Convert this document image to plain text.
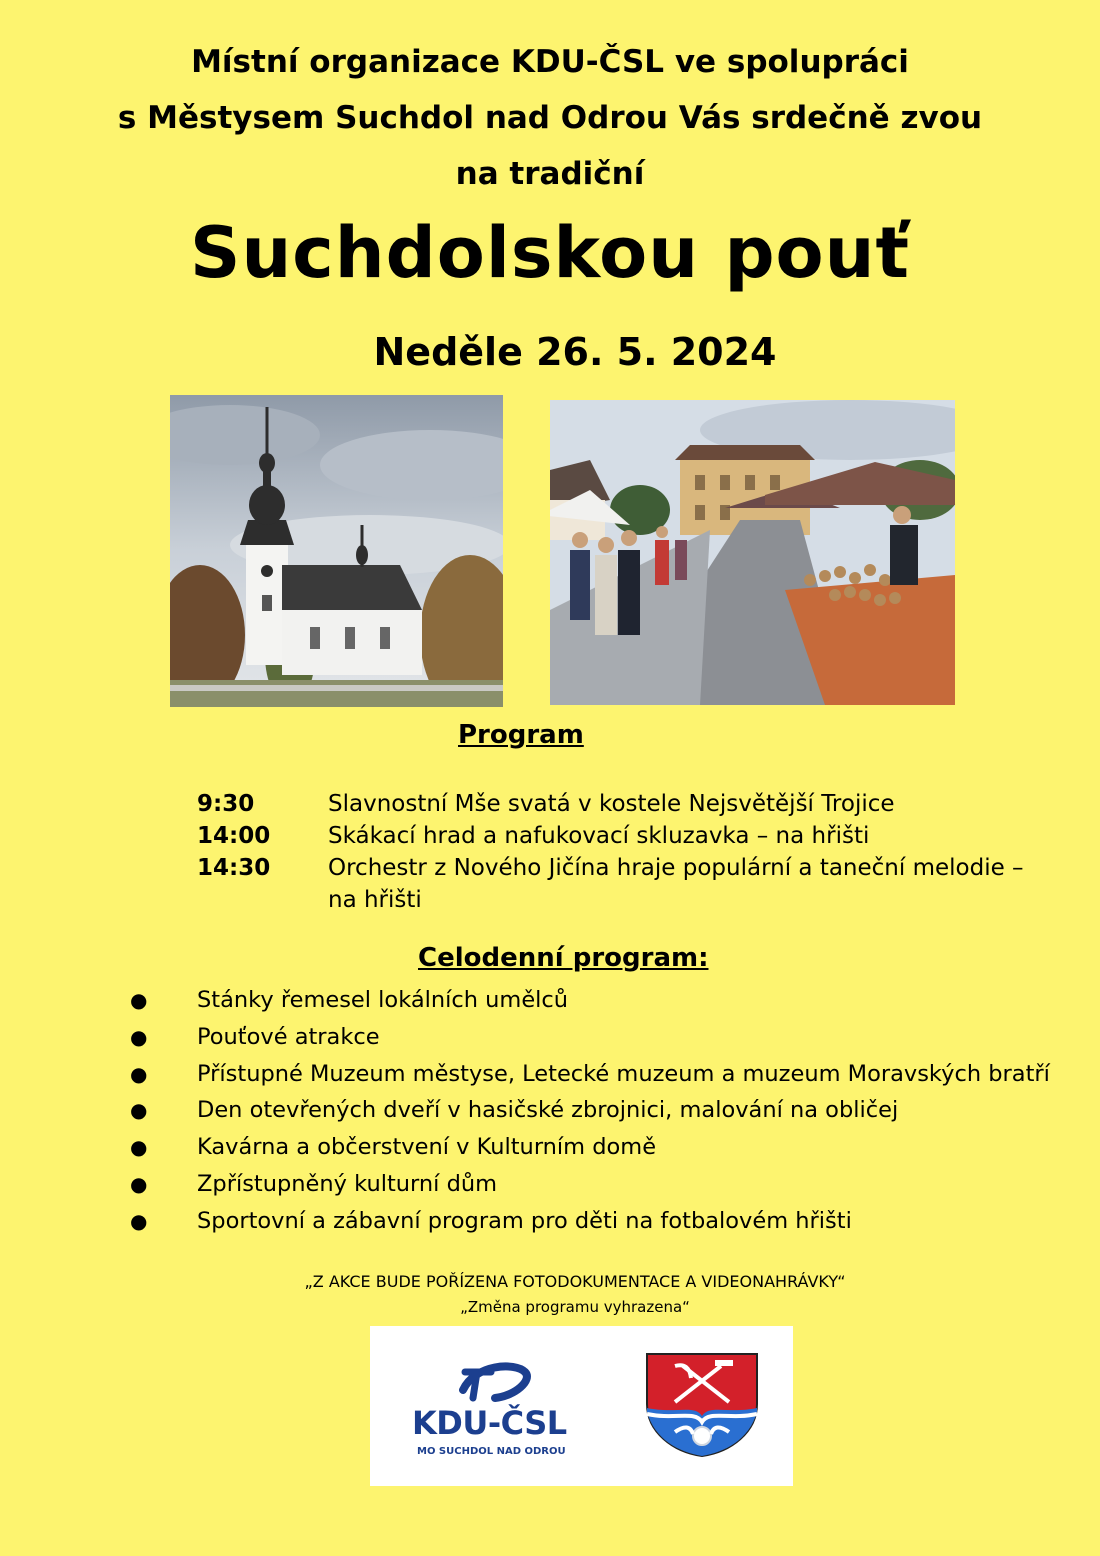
Místní organizace KDU-ČSL ve spolupráci

s Městysem Suchdol nad Odrou Vás srdečně zvou

na tradiční

Suchdolskou pouť
Neděle 26. 5. 2024
Program
9:30	Slavnostní Mše svatá v kostele Nejsvětější Trojice
14:00	Skákací hrad a nafukovací skluzavka – na hřišti
14:30	Orchestr z Nového Jičína hraje populární a taneční melodie – na hřišti
Celodenní program:
●	Stánky řemesel lokálních umělců
●	Pouťové atrakce
●	Přístupné Muzeum městyse, Letecké muzeum a muzeum Moravských bratří
●	Den otevřených dveří v hasičské zbrojnici, malování na obličej
●	Kavárna a občerstvení v Kulturním domě
●	Zpřístupněný kulturní dům
●	Sportovní a zábavní program pro děti na fotbalovém hřišti

„Z AKCE BUDE POŘÍZENA FOTODOKUMENTACE A VIDEONAHRÁVKY“

„Změna programu vyhrazena“

KDU-ČSL
MO SUCHDOL NAD ODROU
